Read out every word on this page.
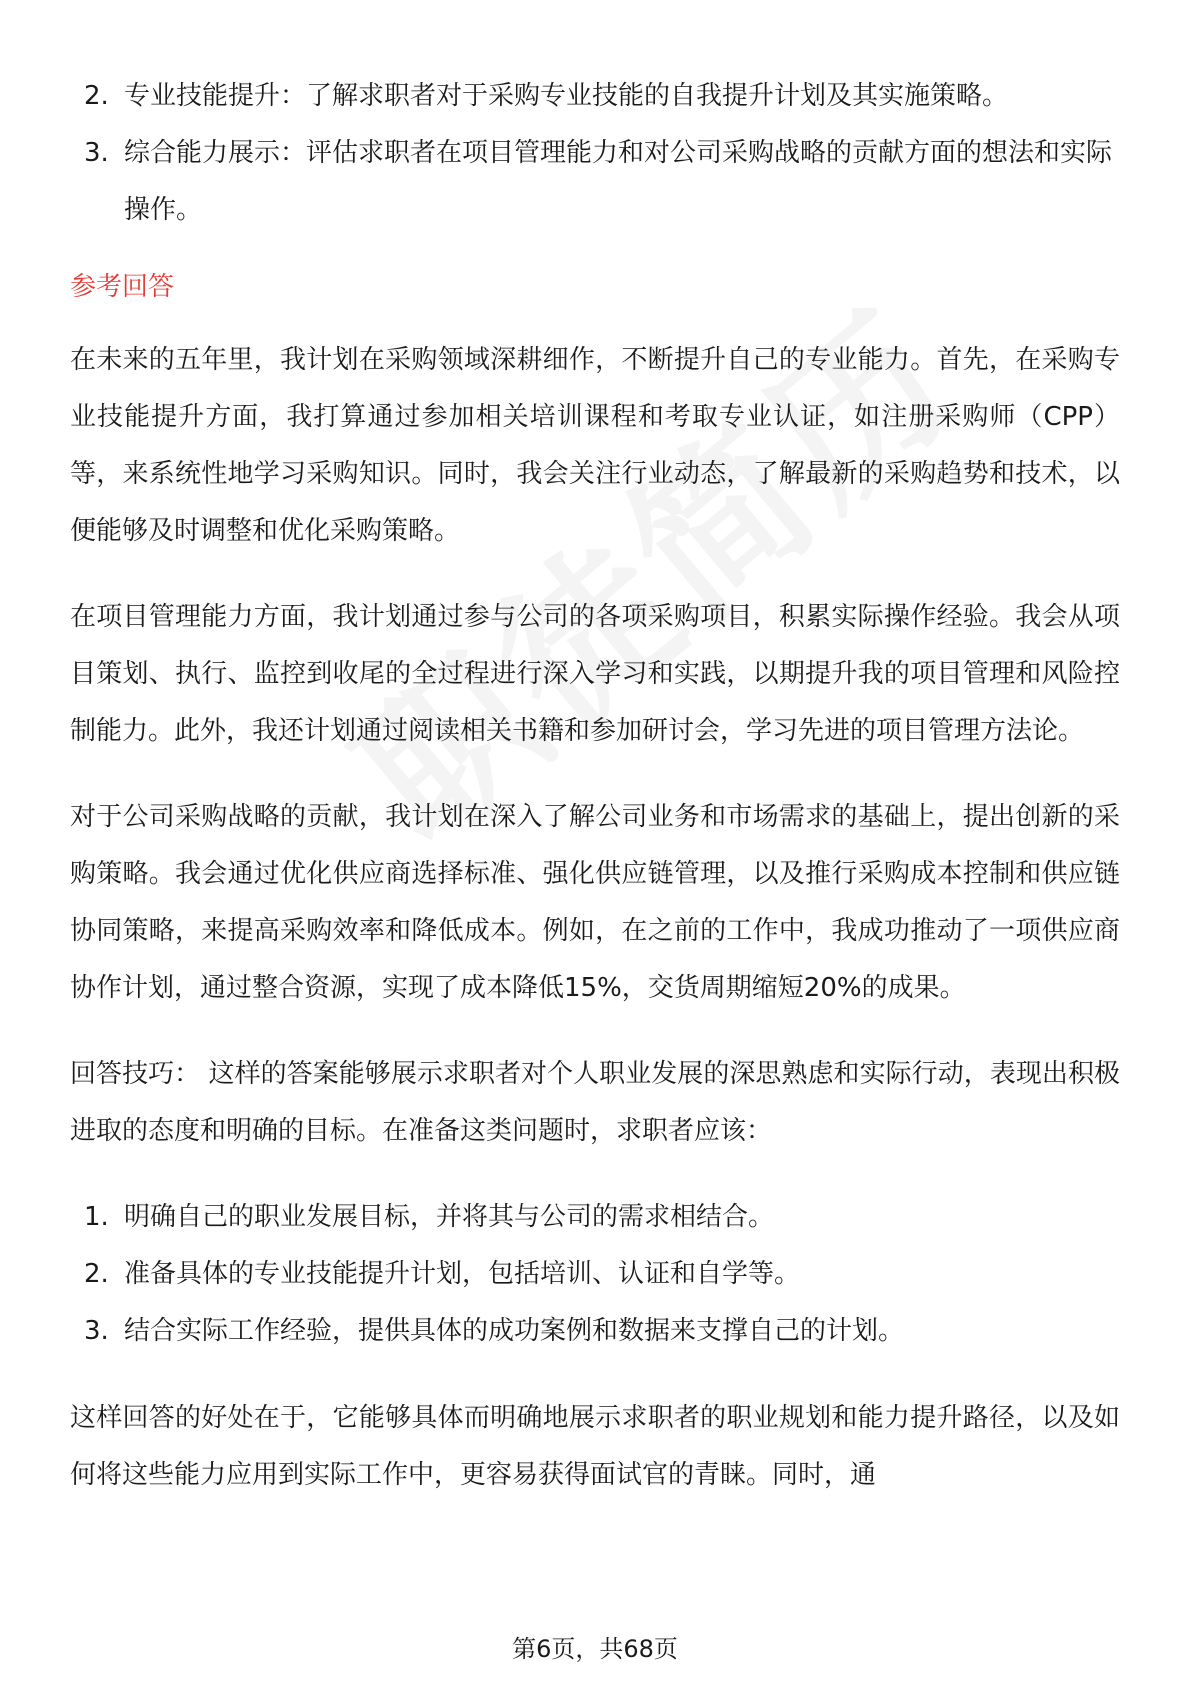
2. 专业技能提升：了解求职者对于采购专业技能的自我提升计划及其实施策略。
3. 综合能力展示：评估求职者在项目管理能力和对公司采购战略的贡献方面的想法和实际操作。
参考回答

在未来的五年里，我计划在采购领域深耕细作，不断提升自己的专业能力。首先，在采购专业技能提升方面，我打算通过参加相关培训课程和考取专业认证，如注册采购师（CPP）等，来系统性地学习采购知识。同时，我会关注行业动态，了解最新的采购趋势和技术，以便能够及时调整和优化采购策略。

在项目管理能力方面，我计划通过参与公司的各项采购项目，积累实际操作经验。我会从项目策划、执行、监控到收尾的全过程进行深入学习和实践，以期提升我的项目管理和风险控制能力。此外，我还计划通过阅读相关书籍和参加研讨会，学习先进的项目管理方法论。

对于公司采购战略的贡献，我计划在深入了解公司业务和市场需求的基础上，提出创新的采购策略。我会通过优化供应商选择标准、强化供应链管理，以及推行采购成本控制和供应链协同策略，来提高采购效率和降低成本。例如，在之前的工作中，我成功推动了一项供应商协作计划，通过整合资源，实现了成本降低15%，交货周期缩短20%的成果。

回答技巧： 这样的答案能够展示求职者对个人职业发展的深思熟虑和实际行动，表现出积极进取的态度和明确的目标。在准备这类问题时，求职者应该：

1. 明确自己的职业发展目标，并将其与公司的需求相结合。
2. 准备具体的专业技能提升计划，包括培训、认证和自学等。
3. 结合实际工作经验，提供具体的成功案例和数据来支撑自己的计划。

这样回答的好处在于，它能够具体而明确地展示求职者的职业规划和能力提升路径，以及如何将这些能力应用到实际工作中，更容易获得面试官的青睐。同时，通

第6页，共68页
